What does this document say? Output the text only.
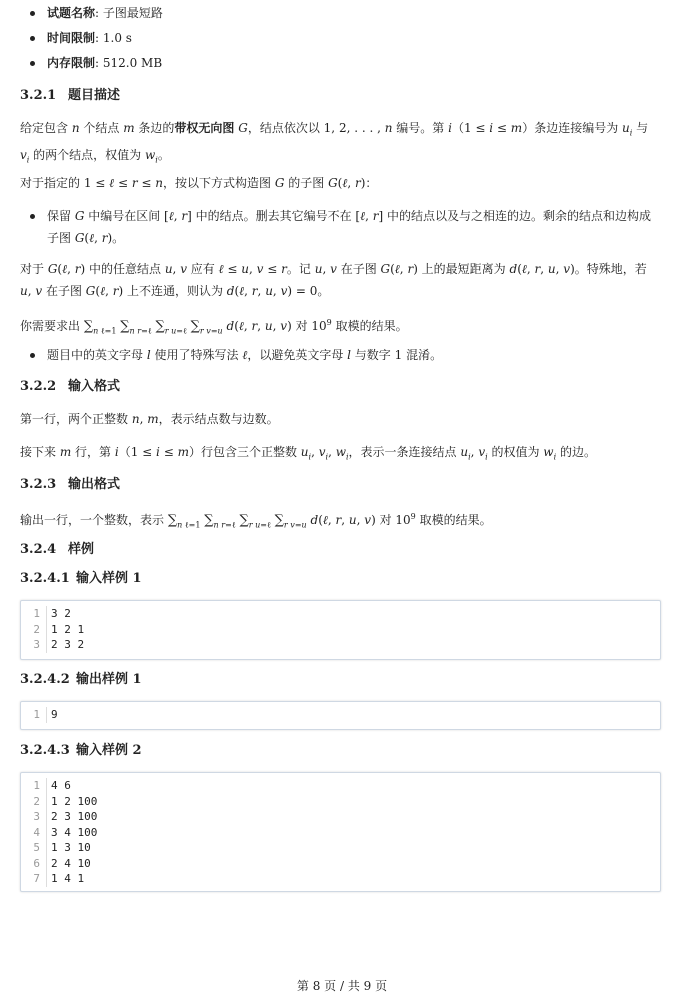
试题名称: 子图最短路
时间限制: 1.0 s
内存限制: 512.0 MB
3.2.1 题目描述
给定包含 n 个结点 m 条边的带权无向图 G，结点依次以 1, 2, . . . , n 编号。第 i（1 ≤ i ≤ m）条边连接编号为 $u_i$ 与 $v_i$ 的两个结点，权值为 $w_i$。
对于指定的 1 ≤ ℓ ≤ r ≤ n，按以下方式构造图 G 的子图 G(ℓ, r)：
保留 G 中编号在区间 [ℓ, r] 中的结点。删去其它编号不在 [ℓ, r] 中的结点以及与之相连的边。剩余的结点和边构成子图 G(ℓ, r)。
对于 G(ℓ, r) 中的任意结点 u, v 应有 ℓ ≤ u, v ≤ r。记 u, v 在子图 G(ℓ, r) 上的最短距离为 d(ℓ, r, u, v)。特殊地，若 u, v 在子图 G(ℓ, r) 上不连通，则认为 d(ℓ, r, u, v) = 0。
你需要求出 $\sum_{n \ell=1}$ $\sum_{n r=\ell}$ $\sum_{r u=\ell}$ $\sum_{r v=u}$ d(ℓ, r, u, v) 对 $10^9$ 取模的结果。
题目中的英文字母 l 使用了特殊写法 ℓ，以避免英文字母 l 与数字 1 混淆。
3.2.2 输入格式
第一行，两个正整数 n, m，表示结点数与边数。
接下来 m 行，第 i（1 ≤ i ≤ m）行包含三个正整数 $u_i$, $v_i$, $w_i$，表示一条连接结点 $u_i$, $v_i$ 的权值为 $w_i$ 的边。
3.2.3 输出格式
输出一行，一个整数，表示 $\sum_{n \ell=1}$ $\sum_{n r=\ell}$ $\sum_{r u=\ell}$ $\sum_{r v=u}$ d(ℓ, r, u, v) 对 $10^9$ 取模的结果。
3.2.4 样例
3.2.4.1 输入样例 1
1	3 2
2	1 2 1
3	2 3 2
3.2.4.2 输出样例 1
1	9
3.2.4.3 输入样例 2
1	4 6
2	1 2 100
3	2 3 100
4	3 4 100
5	1 3 10
6	2 4 10
7	1 4 1
第 8 页 / 共 9 页
